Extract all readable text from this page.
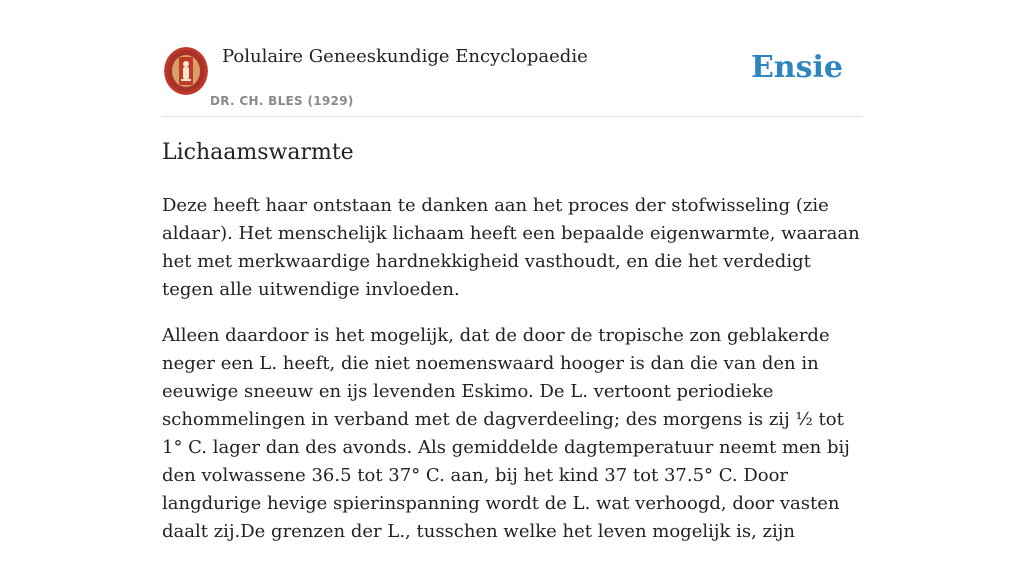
Polulaire Geneeskundige Encyclopaedie
DR. CH. BLES (1929)
Ensie
Lichaamswarmte

Deze heeft haar ontstaan te danken aan het proces der stofwisseling (zie aldaar). Het menschelijk lichaam heeft een bepaalde eigenwarmte, waaraan het met merkwaardige hardnekkigheid vasthoudt, en die het verdedigt tegen alle uitwendige invloeden.

Alleen daardoor is het mogelijk, dat de door de tropische zon geblakerde neger een L. heeft, die niet noemenswaard hooger is dan die van den in eeuwige sneeuw en ijs levenden Eskimo. De L. vertoont periodieke schommelingen in verband met de dagverdeeling; des morgens is zij ½ tot 1° C. lager dan des avonds. Als gemiddelde dagtemperatuur neemt men bij den volwassene 36.5 tot 37° C. aan, bij het kind 37 tot 37.5° C. Door langdurige hevige spierinspanning wordt de L. wat verhoogd, door vasten daalt zij.De grenzen der L., tusschen welke het leven mogelijk is, zijn
